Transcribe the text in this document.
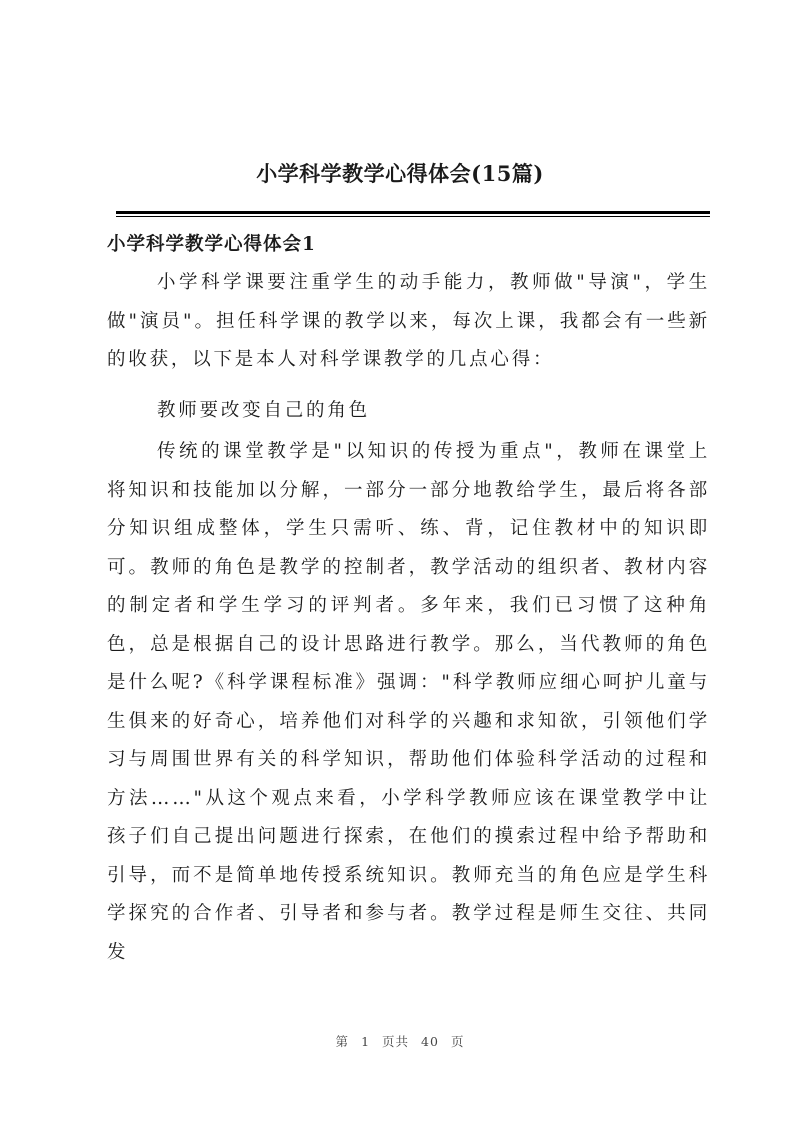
小学科学教学心得体会(15篇)
小学科学教学心得体会1

小学科学课要注重学生的动手能力，教师做"导演"，学生做"演员"。担任科学课的教学以来，每次上课，我都会有一些新的收获，以下是本人对科学课教学的几点心得：

教师要改变自己的角色

传统的课堂教学是"以知识的传授为重点"，教师在课堂上将知识和技能加以分解，一部分一部分地教给学生，最后将各部分知识组成整体，学生只需听、练、背，记住教材中的知识即可。教师的角色是教学的控制者，教学活动的组织者、教材内容的制定者和学生学习的评判者。多年来，我们已习惯了这种角色，总是根据自己的设计思路进行教学。那么，当代教师的角色是什么呢?《科学课程标准》强调："科学教师应细心呵护儿童与生俱来的好奇心，培养他们对科学的兴趣和求知欲，引领他们学习与周围世界有关的科学知识，帮助他们体验科学活动的过程和方法……"从这个观点来看，小学科学教师应该在课堂教学中让孩子们自己提出问题进行探索，在他们的摸索过程中给予帮助和引导，而不是简单地传授系统知识。教师充当的角色应是学生科学探究的合作者、引导者和参与者。教学过程是师生交往、共同发

第 1 页共 40 页
